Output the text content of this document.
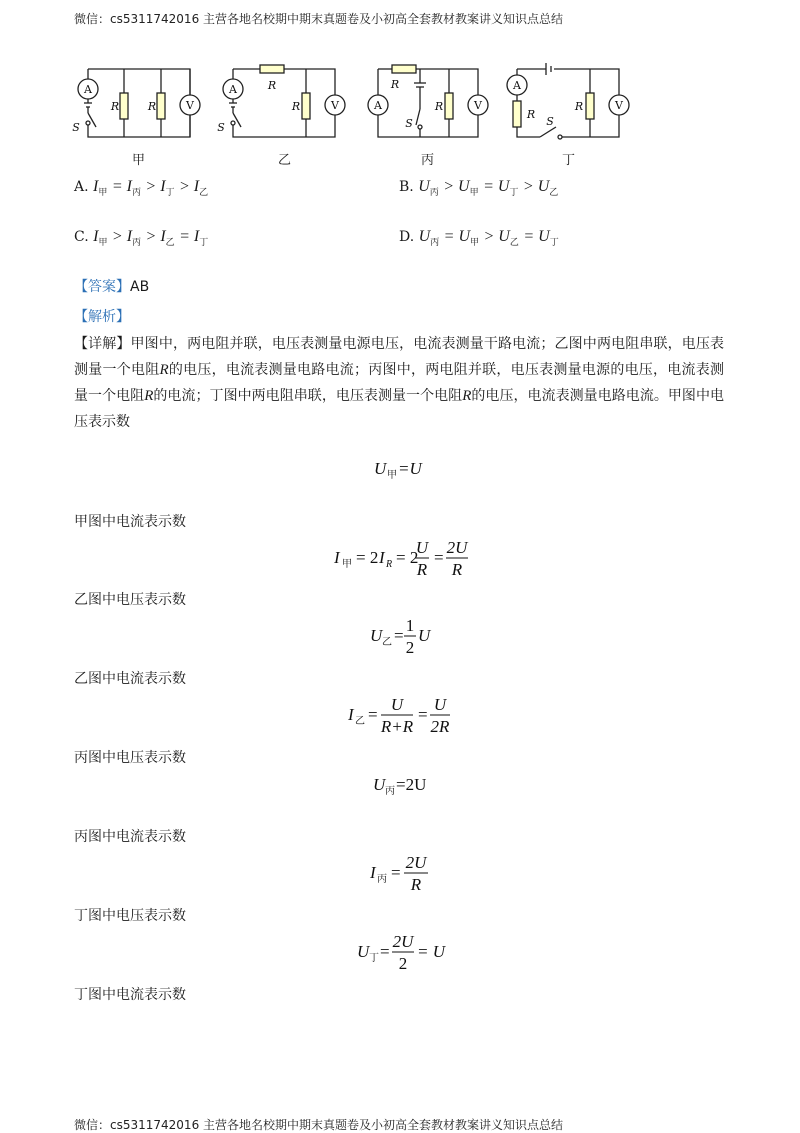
微信：cs5311742016 主营各地名校期中期末真题卷及小初高全套教材教案讲义知识点总结
A
V
R	R
S
A
V
R
R
S
A	V
R
R
S
A
V
R
R
S
甲	乙	丙	丁
A. $I_甲 = I_丙 > I_丁 > I_乙$	B. $U_丙 > U_甲 = U_丁 > U_乙$
C. $I_甲 > I_丙 > I_乙 = I_丁$	D. $U_丙 = U_甲 > U_乙 = U_丁$
【答案】AB
【解析】
【详解】甲图中，两电阻并联，电压表测量电源电压，电流表测量干路电流；乙图中两电阻串联，电压表测量一个电阻R的电压，电流表测量电路电流；丙图中，两电阻并联，电压表测量电源的电压，电流表测量一个电阻R的电流；丁图中两电阻串联，电压表测量一个电阻R的电压，电流表测量电路电流。甲图中电压表示数
U 甲 =U
甲图中电流表示数
I 甲 = 2 I R = 2
U
R
=
2U
R
乙图中电压表示数
U 乙 =
1
2
U
乙图中电流表示数
I 乙 =
U
R+R
=
U
2R
丙图中电压表示数
U 丙 =2U
丙图中电流表示数
I 丙 =
2U
R
丁图中电压表示数
U 丁 =
2U
2
= U
丁图中电流表示数
微信：cs5311742016 主营各地名校期中期末真题卷及小初高全套教材教案讲义知识点总结
